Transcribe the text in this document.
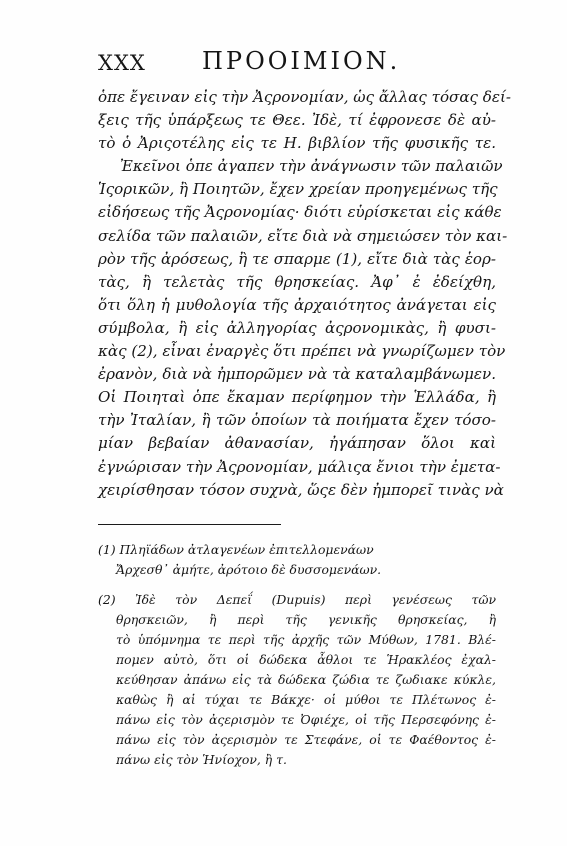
XXX ΠΡΟΟΙΜΙΟΝ.
ὁπε ἔγειναν εἰς τὴν Ἀςρονομίαν, ὡς ἄλλας τόσας δεί-
ξεις τῆς ὑπάρξεως τε Θεε. Ἰδὲ, τί ἐφρονεσε δὲ αὐ-
τὸ ὁ Ἀριςοτέλης εἰς τε Η. βιβλίον τῆς φυσικῆς τε.
Ἐκεῖνοι ὁπε ἀγαπεν τὴν ἀνάγνωσιν τῶν παλαιῶν
Ἱςορικῶν, ἢ Ποιητῶν, ἔχεν χρείαν προηγεμένως τῆς
εἰδήσεως τῆς Ἀςρονομίας· διότι εὑρίσκεται εἰς κάθε
σελίδα τῶν παλαιῶν, εἴτε διὰ νὰ σημειώσεν τὸν και-
ρὸν τῆς ἀρόσεως, ἢ τε σπαρμε (1), εἴτε διὰ τὰς ἑορ-
τὰς, ἢ τελετὰς τῆς θρησκείας. Ἀφ᾽ ἐ ἐδείχθη,
ὅτι ὅλη ἡ μυθολογία τῆς ἀρχαιότητος ἀνάγεται εἰς
σύμβολα, ἢ εἰς ἀλληγορίας ἀςρονομικὰς, ἢ φυσι-
κὰς (2), εἶναι ἐναργὲς ὅτι πρέπει νὰ γνωρίζωμεν τὸν
ἐρανὸν, διὰ νὰ ἠμπορῶμεν νὰ τὰ καταλαμβάνωμεν.
Οἱ Ποιηταὶ ὁπε ἔκαμαν περίφημον τὴν Ἑλλάδα, ἢ
τὴν Ἰταλίαν, ἢ τῶν ὁποίων τὰ ποιήματα ἔχεν τόσο-
μίαν βεβαίαν ἀθανασίαν, ἠγάπησαν ὅλοι καὶ
ἐγνώρισαν τὴν Ἀςρονομίαν, μάλιςα ἔνιοι τὴν ἐμετα-
χειρίσθησαν τόσον συχνὰ, ὥςε δὲν ἠμπορεῖ τινὰς νὰ
(1) Πληϊάδων ἀτλαγενέων ἐπιτελλομενάων
Ἄρχεσθ᾽ ἀμήτε, ἀρότοιο δὲ δυσσομενάων.
(2) Ἰδὲ τὸν Δεπεΐ (Dupuis) περὶ γενέσεως τῶν
θρησκειῶν, ἢ περὶ τῆς γενικῆς θρησκείας, ἢ
τὸ ὑπόμνημα τε περὶ τῆς ἀρχῆς τῶν Μύθων, 1781. Βλέ-
πομεν αὐτὸ, ὅτι οἱ δώδεκα ἆθλοι τε Ἡρακλέος ἐχαλ-
κεύθησαν ἀπάνω εἰς τὰ δώδεκα ζώδια τε ζωδιακε κύκλε,
καθὼς ἢ αἱ τύχαι τε Βάκχε· οἱ μύθοι τε Πλέτωνος ἐ-
πάνω εἰς τὸν ἀςερισμὸν τε Ὀφιέχε, οἱ τῆς Περσεφόνης ἐ-
πάνω εἰς τὸν ἀςερισμὸν τε Στεφάνε, οἱ τε Φαέθοντος ἐ-
πάνω εἰς τὸν Ἡνίοχον, ἢ τ.
